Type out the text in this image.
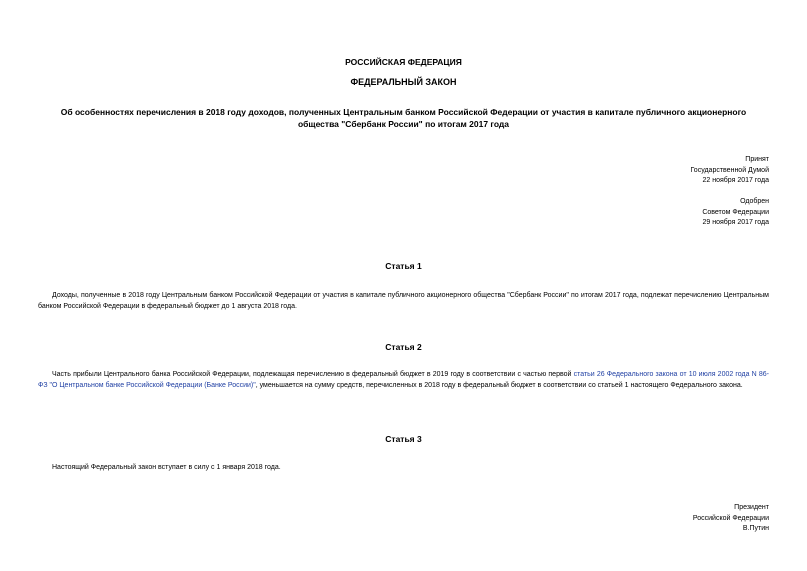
РОССИЙСКАЯ ФЕДЕРАЦИЯ
ФЕДЕРАЛЬНЫЙ ЗАКОН
Об особенностях перечисления в 2018 году доходов, полученных Центральным банком Российской Федерации от участия в капитале публичного акционерного
общества "Сбербанк России" по итогам 2017 года
Принят
Государственной Думой
22 ноября 2017 года
Одобрен
Советом Федерации
29 ноября 2017 года
Статья 1
Доходы, полученные в 2018 году Центральным банком Российской Федерации от участия в капитале публичного акционерного общества "Сбербанк России" по итогам 2017 года, подлежат перечислению Центральным банком Российской Федерации в федеральный бюджет до 1 августа 2018 года.
Статья 2
Часть прибыли Центрального банка Российской Федерации, подлежащая перечислению в федеральный бюджет в 2019 году в соответствии с частью первой статьи 26 Федерального закона от 10 июля 2002 года N 86-ФЗ "О Центральном банке Российской Федерации (Банке России)", уменьшается на сумму средств, перечисленных в 2018 году в федеральный бюджет в соответствии со статьей 1 настоящего Федерального закона.
Статья 3
Настоящий Федеральный закон вступает в силу с 1 января 2018 года.
Президент
Российской Федерации
В.Путин
